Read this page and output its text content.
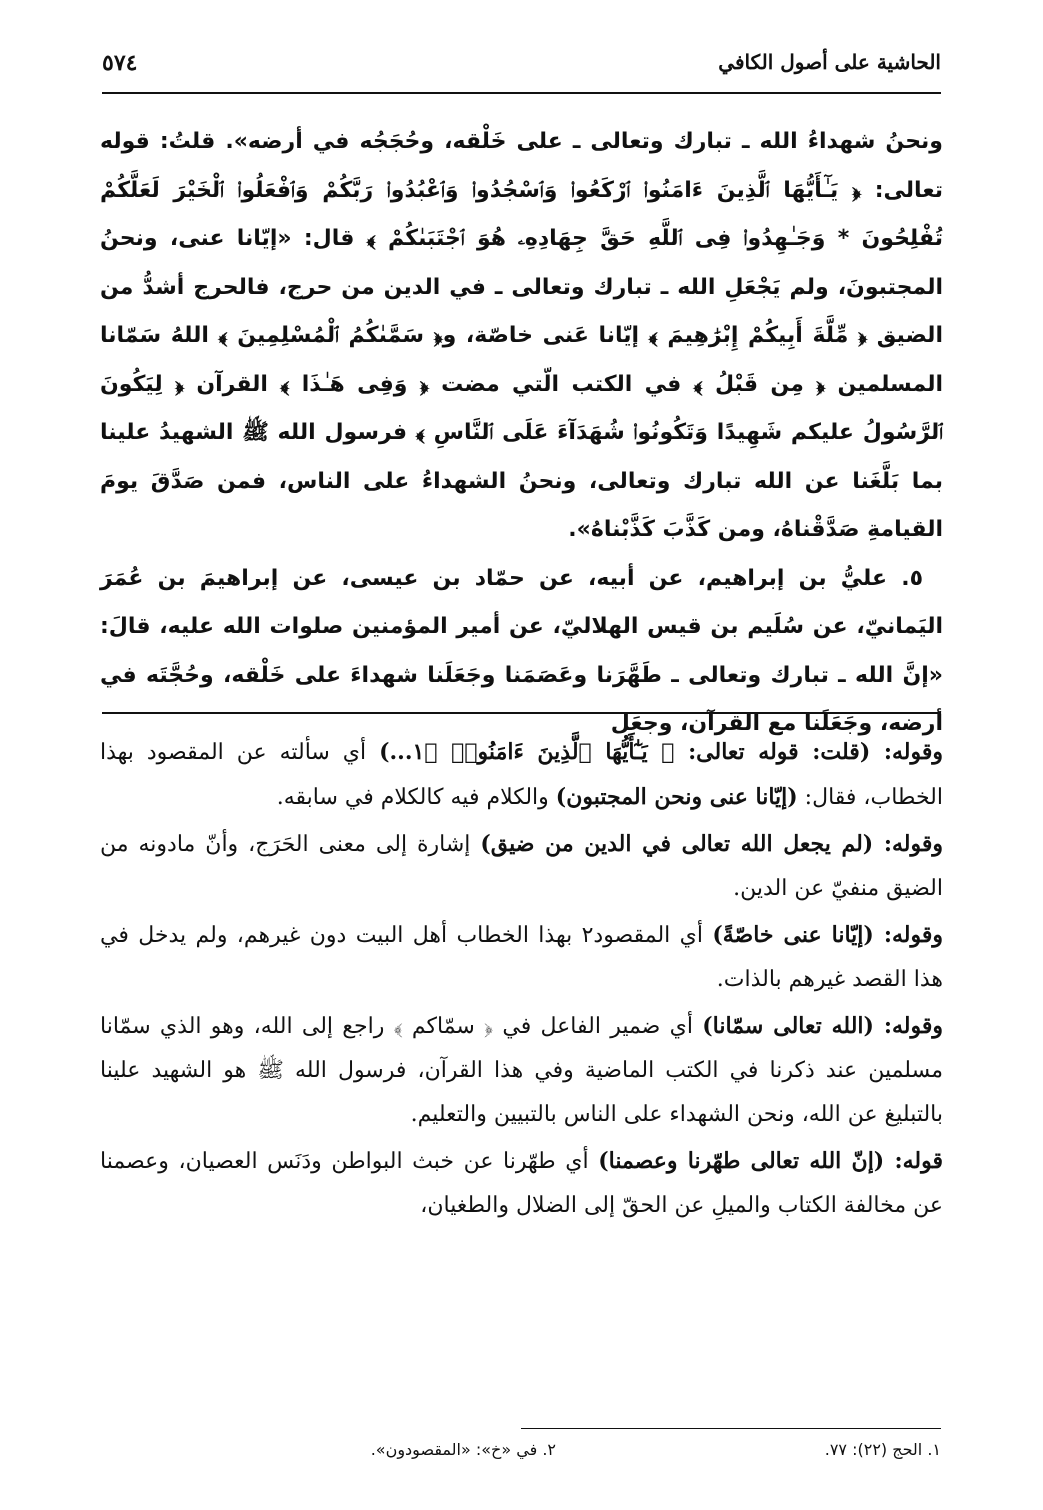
الحاشية على أصول الكافي
٥٧٤

ونحنُ شهداءُ الله ـ تبارك وتعالى ـ على خَلْقه، وحُجَجُه في أرضه». قلتُ: قوله تعالى: ﴿ يَـٰٓأَيُّهَا ٱلَّذِينَ ءَامَنُوا۟ ٱرْكَعُوا۟ وَٱسْجُدُوا۟ وَٱعْبُدُوا۟ رَبَّكُمْ وَٱفْعَلُوا۟ ٱلْخَيْرَ لَعَلَّكُمْ تُفْلِحُونَ * وَجَـٰهِدُوا۟ فِى ٱللَّهِ حَقَّ جِهَادِهِۦ هُوَ ٱجْتَبَىٰكُمْ ﴾ قال: «إيّانا عنى، ونحنُ المجتبونَ، ولم يَجْعَلِ الله ـ تبارك وتعالى ـ في الدين من حرج، فالحرج أشدُّ من الضيق ﴿ مِّلَّةَ أَبِيكُمْ إِبْرَٰهِيمَ ﴾ إيّانا عَنى خاصّة، و﴿ سَمَّىٰكُمُ ٱلْمُسْلِمِينَ ﴾ اللهُ سَمّانا المسلمين ﴿ مِن قَبْلُ ﴾ في الكتب الّتي مضت ﴿ وَفِى هَـٰذَا ﴾ القرآن ﴿ لِيَكُونَ ٱلرَّسُولُ عليكم شَهِيدًا وَتَكُونُوا۟ شُهَدَآءَ عَلَى ٱلنَّاسِ ﴾ فرسول الله ﷺ الشهيدُ علينا بما بَلَّغَنا عن الله تبارك وتعالى، ونحنُ الشهداءُ على الناس، فمن صَدَّقَ يومَ القيامةِ صَدَّقْناهُ، ومن كَذَّبَ كَذَّبْناهُ».

٥. عليُّ بن إبراهيم، عن أبيه، عن حمّاد بن عيسى، عن إبراهيمَ بن عُمَرَ اليَمانيّ، عن سُلَيم بن قيس الهلاليّ، عن أمير المؤمنين صلوات الله عليه، قالَ: «إنَّ الله ـ تبارك وتعالى ـ طَهَّرَنا وعَصَمَنا وجَعَلَنا شهداءَ على خَلْقه، وحُجَّتَه في أرضه، وجَعَلَنا مع القرآن، وجعَل

وقوله: (قلت: قوله تعالى: ﴿ يَـٰٓأَيُّهَا ٱلَّذِينَ ءَامَنُوا۟ ﴾١...) أي سألته عن المقصود بهذا الخطاب، فقال: (إيّانا عنى ونحن المجتبون) والكلام فيه كالكلام في سابقه.

وقوله: (لم يجعل الله تعالى في الدين من ضيق) إشارة إلى معنى الحَرَج، وأنّ مادونه من الضيق منفيّ عن الدين.

وقوله: (إيّانا عنى خاصّةً) أي المقصود٢ بهذا الخطاب أهل البيت دون غيرهم، ولم يدخل في هذا القصد غيرهم بالذات.

وقوله: (الله تعالى سمّانا) أي ضمير الفاعل في ﴿ سمّاكم ﴾ راجع إلى الله، وهو الذي سمّانا مسلمين عند ذكرنا في الكتب الماضية وفي هذا القرآن، فرسول الله ﷺ هو الشهيد علينا بالتبليغ عن الله، ونحن الشهداء على الناس بالتبيين والتعليم.

قوله: (إنّ الله تعالى طهّرنا وعصمنا) أي طهّرنا عن خبث البواطن ودَنَس العصيان، وعصمنا عن مخالفة الكتاب والميلِ عن الحقّ إلى الضلال والطغيان،

١. الحج (٢٢): ٧٧.
٢. في «خ»: «المقصودون».
